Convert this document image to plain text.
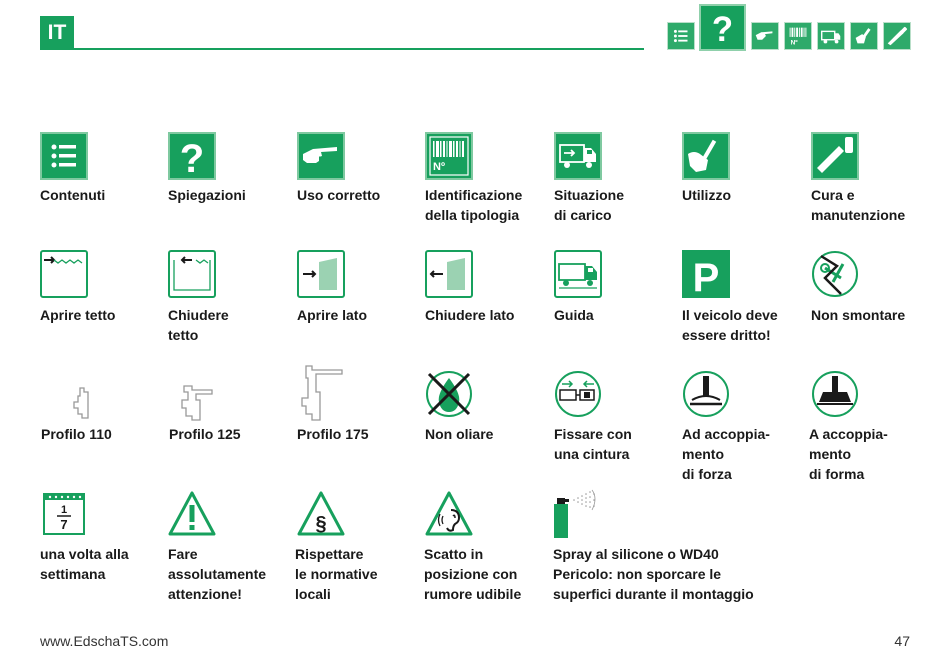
IT	?	Nº
Contenuti
?
Spiegazioni	Uso corretto
Nº
Identificazione
della tipologia
Situazione
di carico
Utilizzo	Cura e
manutenzione
Aprire tetto	Chiudere
tetto
Aprire lato	Chiudere lato	Guida
P
Il veicolo deve
essere dritto!
Non smontare
Profilo 110	Profilo 125	Profilo 175	Non oliare	Fissare con
una cintura
Ad accoppia-
mento
di forza
A accoppia-
mento
di forma
1
7
una volta alla
settimana
Fare
assolutamente
attenzione!
§
Rispettare
le normative
locali
Scatto in
posizione con
rumore udibile
Spray al silicone o WD40
Pericolo: non sporcare le
superfici durante il montaggio
www.EdschaTS.com	47
